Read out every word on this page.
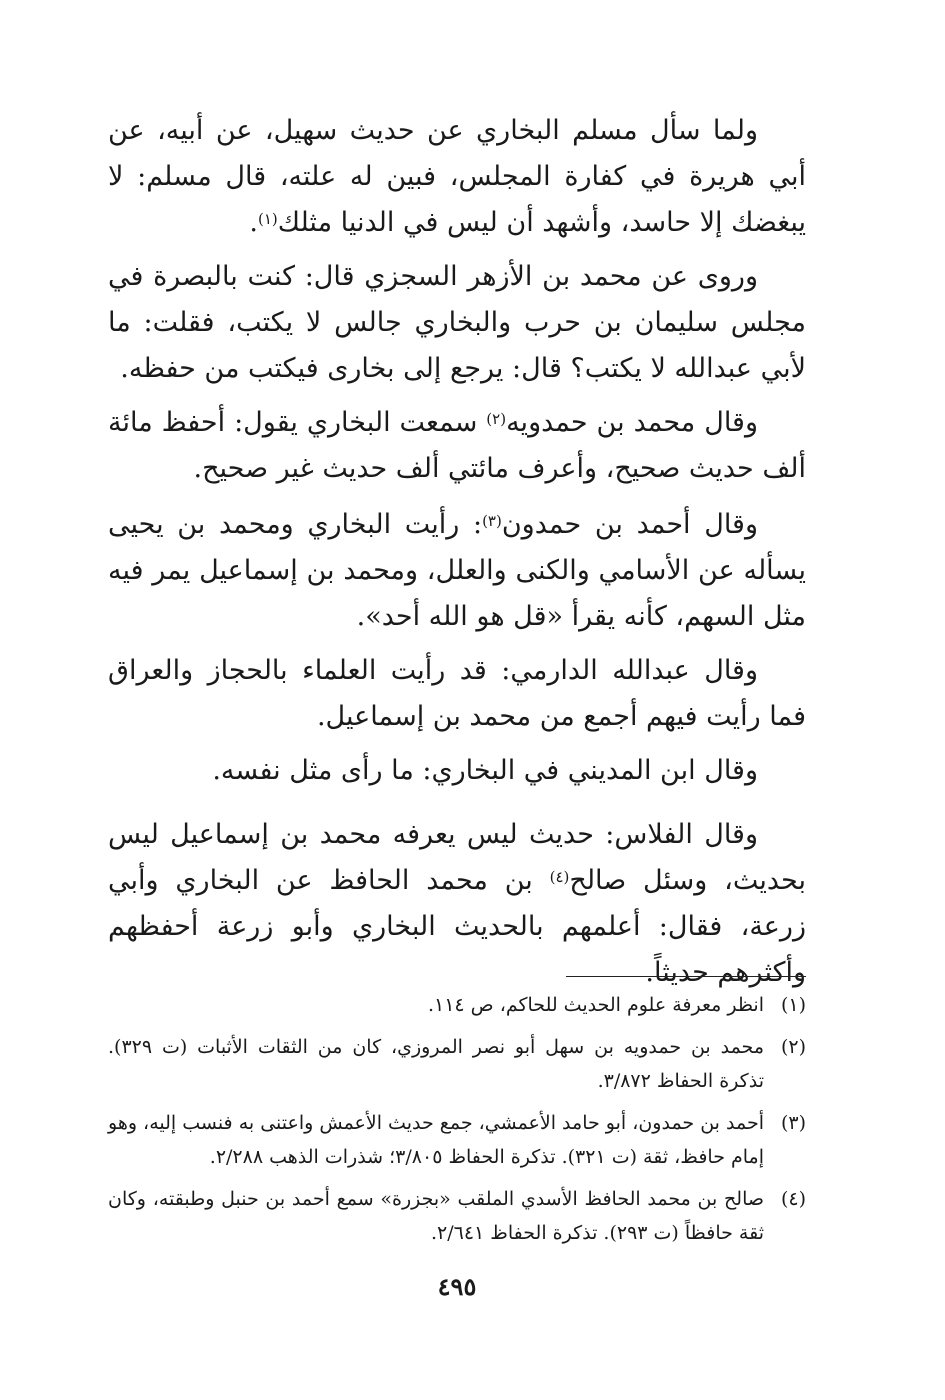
ولما سأل مسلم البخاري عن حديث سهيل، عن أبيه، عن أبي هريرة في كفارة المجلس، فبين له علته، قال مسلم: لا يبغضك إلا حاسد، وأشهد أن ليس في الدنيا مثلك$^{(١)}$.

وروى عن محمد بن الأزهر السجزي قال: كنت بالبصرة في مجلس سليمان بن حرب والبخاري جالس لا يكتب، فقلت: ما لأبي عبدالله لا يكتب؟ قال: يرجع إلى بخارى فيكتب من حفظه.

وقال محمد بن حمدويه$^{(٢)}$ سمعت البخاري يقول: أحفظ مائة ألف حديث صحيح، وأعرف مائتي ألف حديث غير صحيح.

وقال أحمد بن حمدون$^{(٣)}$: رأيت البخاري ومحمد بن يحيى يسأله عن الأسامي والكنى والعلل، ومحمد بن إسماعيل يمر فيه مثل السهم، كأنه يقرأ «قل هو الله أحد».

وقال عبدالله الدارمي: قد رأيت العلماء بالحجاز والعراق فما رأيت فيهم أجمع من محمد بن إسماعيل.

وقال ابن المديني في البخاري: ما رأى مثل نفسه.

وقال الفلاس: حديث ليس يعرفه محمد بن إسماعيل ليس بحديث، وسئل صالح$^{(٤)}$ بن محمد الحافظ عن البخاري وأبي زرعة، فقال: أعلمهم بالحديث البخاري وأبو زرعة أحفظهم وأكثرهم حديثاً.

(١)
انظر معرفة علوم الحديث للحاكم، ص ١١٤.
(٢)
محمد بن حمدويه بن سهل أبو نصر المروزي، كان من الثقات الأثبات (ت ٣٢٩). تذكرة الحفاظ ٣/٨٧٢.
(٣)
أحمد بن حمدون، أبو حامد الأعمشي، جمع حديث الأعمش واعتنى به فنسب إليه، وهو إمام حافظ، ثقة (ت ٣٢١). تذكرة الحفاظ ٣/٨٠٥؛ شذرات الذهب ٢/٢٨٨.
(٤)
صالح بن محمد الحافظ الأسدي الملقب «بجزرة» سمع أحمد بن حنبل وطبقته، وكان ثقة حافظاً (ت ٢٩٣). تذكرة الحفاظ ٢/٦٤١.
٤٩٥
